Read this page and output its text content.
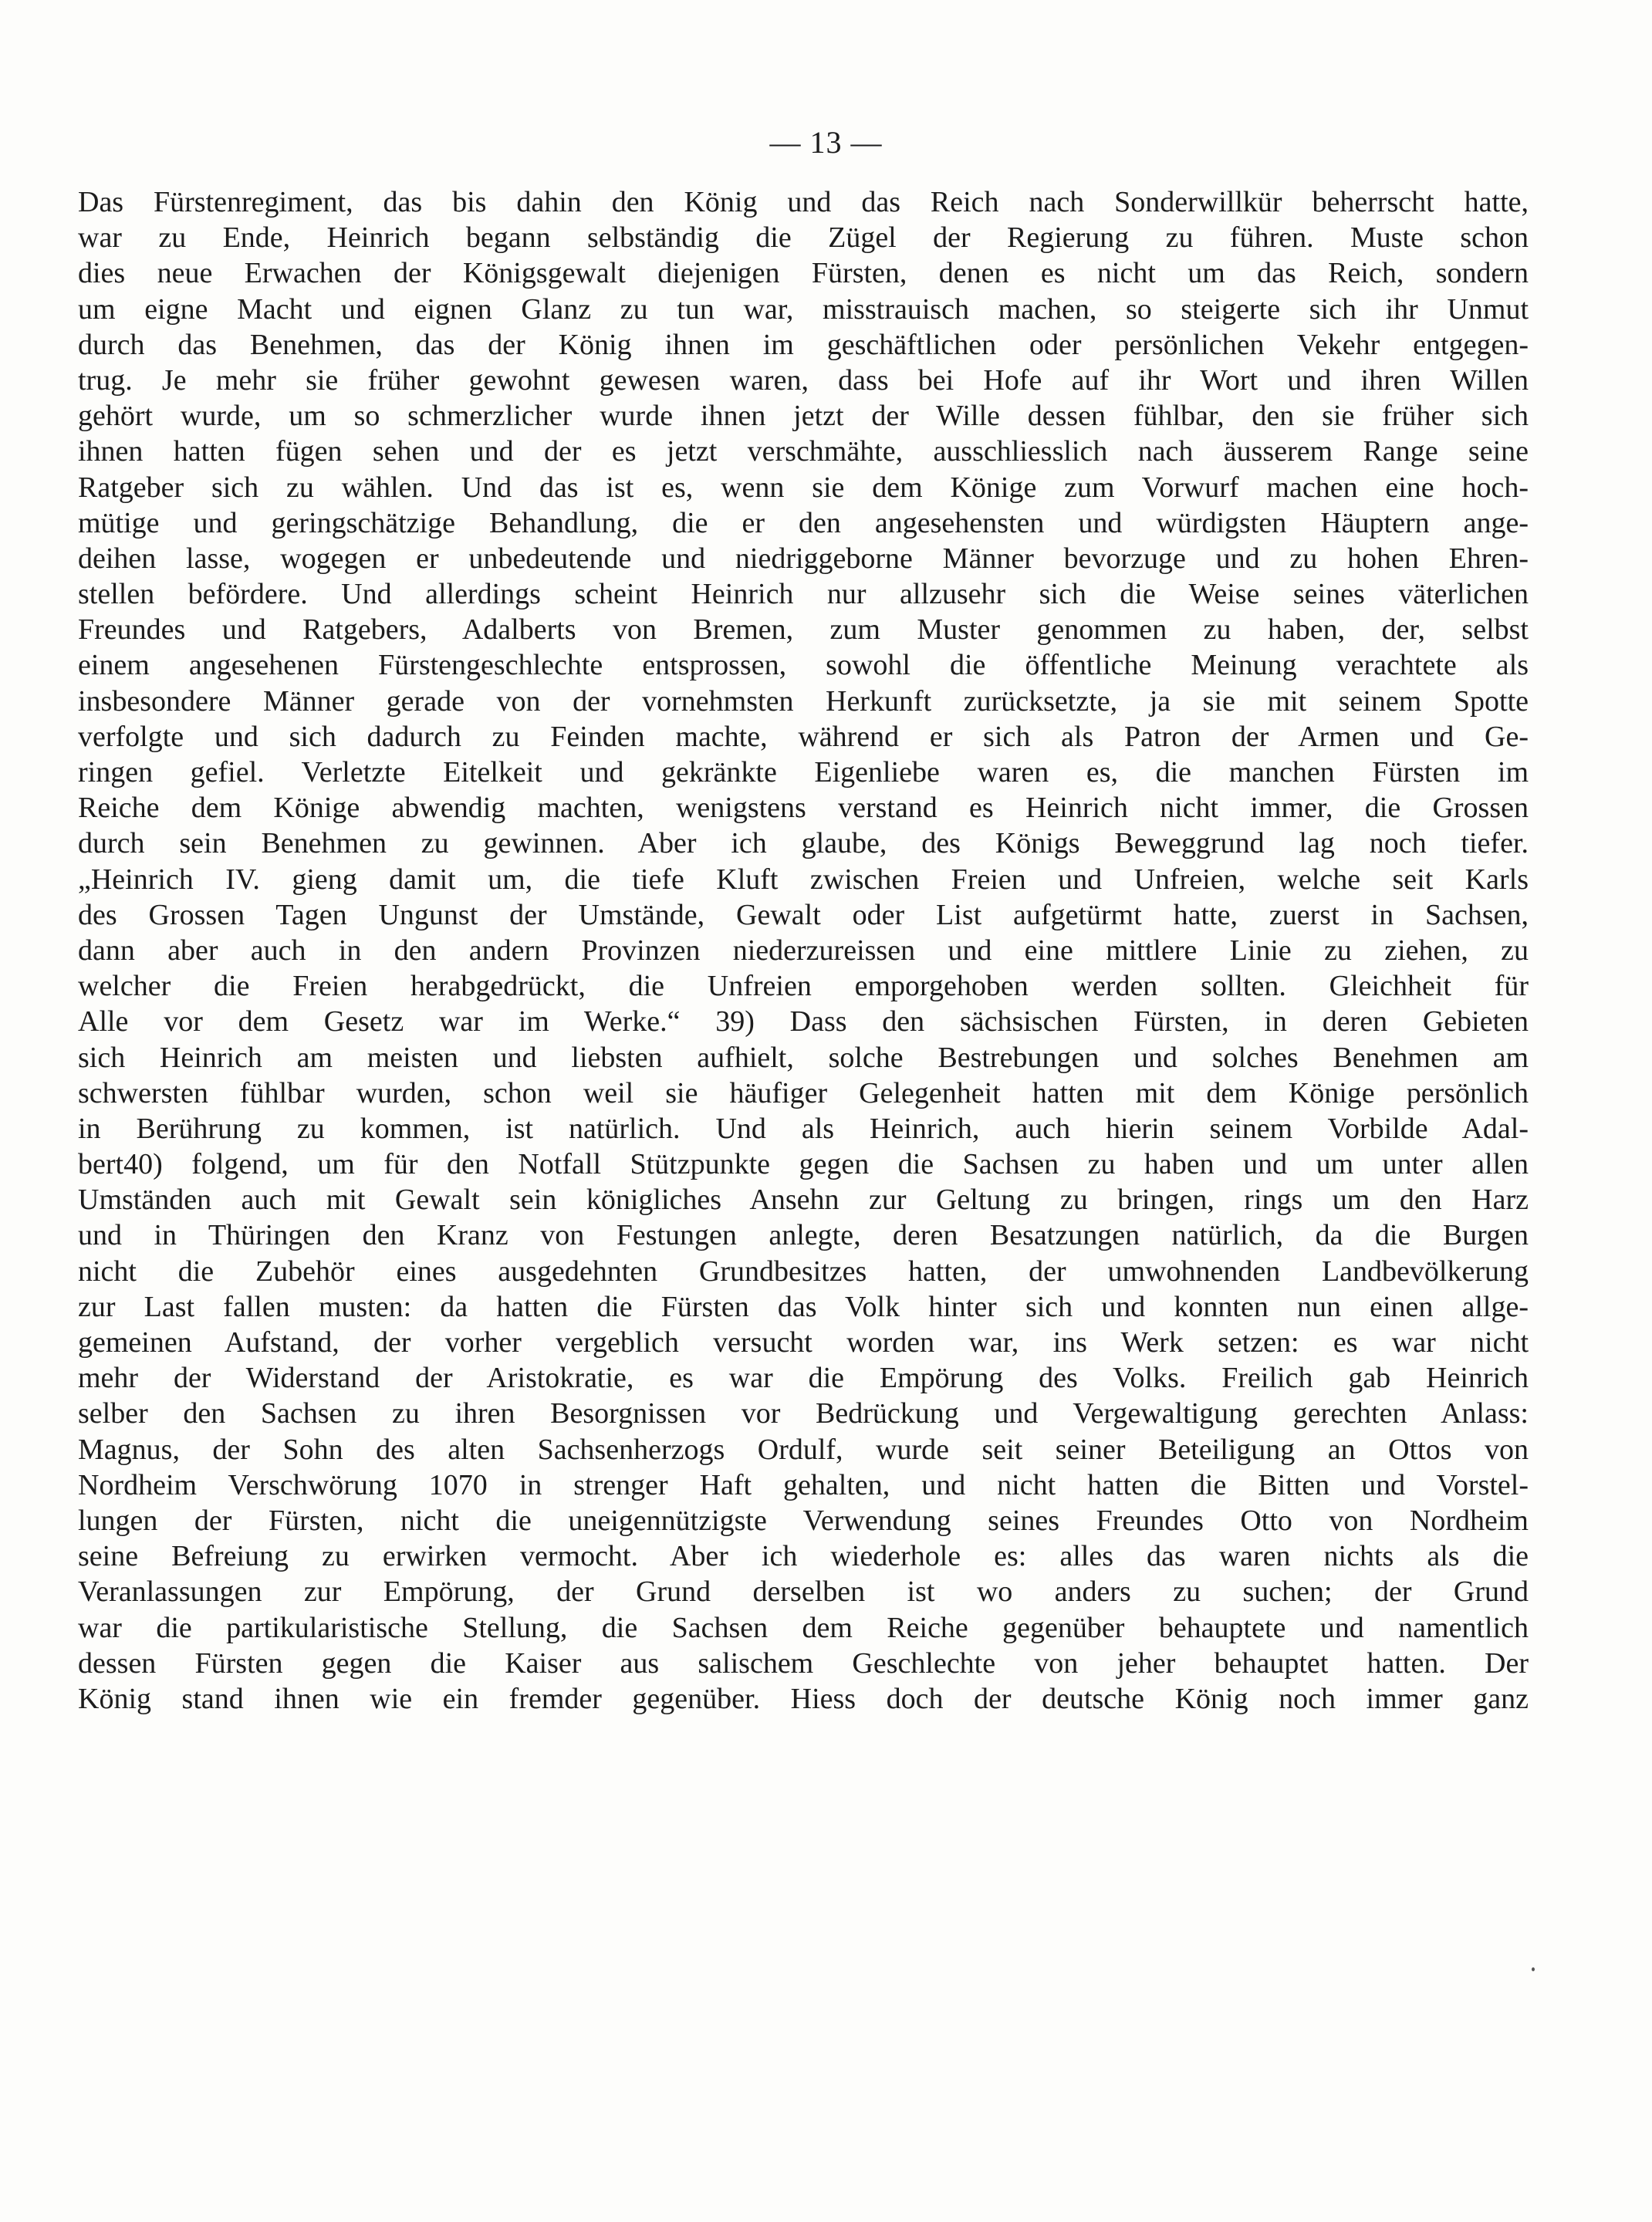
— 13 —
Das Fürstenregiment, das bis dahin den König und das Reich nach Sonderwillkür beherrscht hatte,
war zu Ende, Heinrich begann selbständig die Zügel der Regierung zu führen. Muste schon
dies neue Erwachen der Königsgewalt diejenigen Fürsten, denen es nicht um das Reich, sondern
um eigne Macht und eignen Glanz zu tun war, misstrauisch machen, so steigerte sich ihr Unmut
durch das Benehmen, das der König ihnen im geschäftlichen oder persönlichen Vekehr entgegen-
trug. Je mehr sie früher gewohnt gewesen waren, dass bei Hofe auf ihr Wort und ihren Willen
gehört wurde, um so schmerzlicher wurde ihnen jetzt der Wille dessen fühlbar, den sie früher sich
ihnen hatten fügen sehen und der es jetzt verschmähte, ausschliesslich nach äusserem Range seine
Ratgeber sich zu wählen. Und das ist es, wenn sie dem Könige zum Vorwurf machen eine hoch-
mütige und geringschätzige Behandlung, die er den angesehensten und würdigsten Häuptern ange-
deihen lasse, wogegen er unbedeutende und niedriggeborne Männer bevorzuge und zu hohen Ehren-
stellen befördere. Und allerdings scheint Heinrich nur allzusehr sich die Weise seines väterlichen
Freundes und Ratgebers, Adalberts von Bremen, zum Muster genommen zu haben, der, selbst
einem angesehenen Fürstengeschlechte entsprossen, sowohl die öffentliche Meinung verachtete als
insbesondere Männer gerade von der vornehmsten Herkunft zurücksetzte, ja sie mit seinem Spotte
verfolgte und sich dadurch zu Feinden machte, während er sich als Patron der Armen und Ge-
ringen gefiel. Verletzte Eitelkeit und gekränkte Eigenliebe waren es, die manchen Fürsten im
Reiche dem Könige abwendig machten, wenigstens verstand es Heinrich nicht immer, die Grossen
durch sein Benehmen zu gewinnen. Aber ich glaube, des Königs Beweggrund lag noch tiefer.
„Heinrich IV. gieng damit um, die tiefe Kluft zwischen Freien und Unfreien, welche seit Karls
des Grossen Tagen Ungunst der Umstände, Gewalt oder List aufgetürmt hatte, zuerst in Sachsen,
dann aber auch in den andern Provinzen niederzureissen und eine mittlere Linie zu ziehen, zu
welcher die Freien herabgedrückt, die Unfreien emporgehoben werden sollten. Gleichheit für
Alle vor dem Gesetz war im Werke.“ 39) Dass den sächsischen Fürsten, in deren Gebieten
sich Heinrich am meisten und liebsten aufhielt, solche Bestrebungen und solches Benehmen am
schwersten fühlbar wurden, schon weil sie häufiger Gelegenheit hatten mit dem Könige persönlich
in Berührung zu kommen, ist natürlich. Und als Heinrich, auch hierin seinem Vorbilde Adal-
bert40) folgend, um für den Notfall Stützpunkte gegen die Sachsen zu haben und um unter allen
Umständen auch mit Gewalt sein königliches Ansehn zur Geltung zu bringen, rings um den Harz
und in Thüringen den Kranz von Festungen anlegte, deren Besatzungen natürlich, da die Burgen
nicht die Zubehör eines ausgedehnten Grundbesitzes hatten, der umwohnenden Landbevölkerung
zur Last fallen musten: da hatten die Fürsten das Volk hinter sich und konnten nun einen allge-
gemeinen Aufstand, der vorher vergeblich versucht worden war, ins Werk setzen: es war nicht
mehr der Widerstand der Aristokratie, es war die Empörung des Volks. Freilich gab Heinrich
selber den Sachsen zu ihren Besorgnissen vor Bedrückung und Vergewaltigung gerechten Anlass:
Magnus, der Sohn des alten Sachsenherzogs Ordulf, wurde seit seiner Beteiligung an Ottos von
Nordheim Verschwörung 1070 in strenger Haft gehalten, und nicht hatten die Bitten und Vorstel-
lungen der Fürsten, nicht die uneigennützigste Verwendung seines Freundes Otto von Nordheim
seine Befreiung zu erwirken vermocht. Aber ich wiederhole es: alles das waren nichts als die
Veranlassungen zur Empörung, der Grund derselben ist wo anders zu suchen; der Grund
war die partikularistische Stellung, die Sachsen dem Reiche gegenüber behauptete und namentlich
dessen Fürsten gegen die Kaiser aus salischem Geschlechte von jeher behauptet hatten. Der
König stand ihnen wie ein fremder gegenüber. Hiess doch der deutsche König noch immer ganz
